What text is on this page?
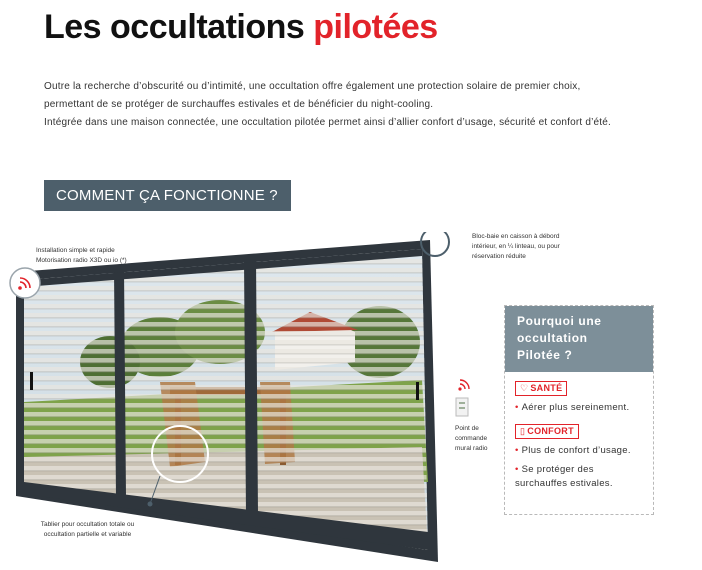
Les occultations pilotées

Outre la recherche d’obscurité ou d’intimité, une occultation offre également une protection solaire de premier choix, permettant de se protéger de surchauffes estivales et de bénéficier du night-cooling.

Intégrée dans une maison connectée, une occultation pilotée permet ainsi d’allier confort d’usage, sécurité et confort d’été.

COMMENT ÇA FONCTIONNE ?
Installation simple et rapide
Motorisation radio X3D ou io (*)
Bloc-baie en caisson à débord
intérieur, en ¼ linteau, ou pour
réservation réduite
Point de
commande
mural radio
Tablier pour occultation totale ou
occultation partielle et variable
Pourquoi une
occultation
Pilotée ?
♡ SANTÉ
• Aérer plus sereinement.
▯ CONFORT
• Plus de confort d’usage.
• Se protéger des surchauffes estivales.
